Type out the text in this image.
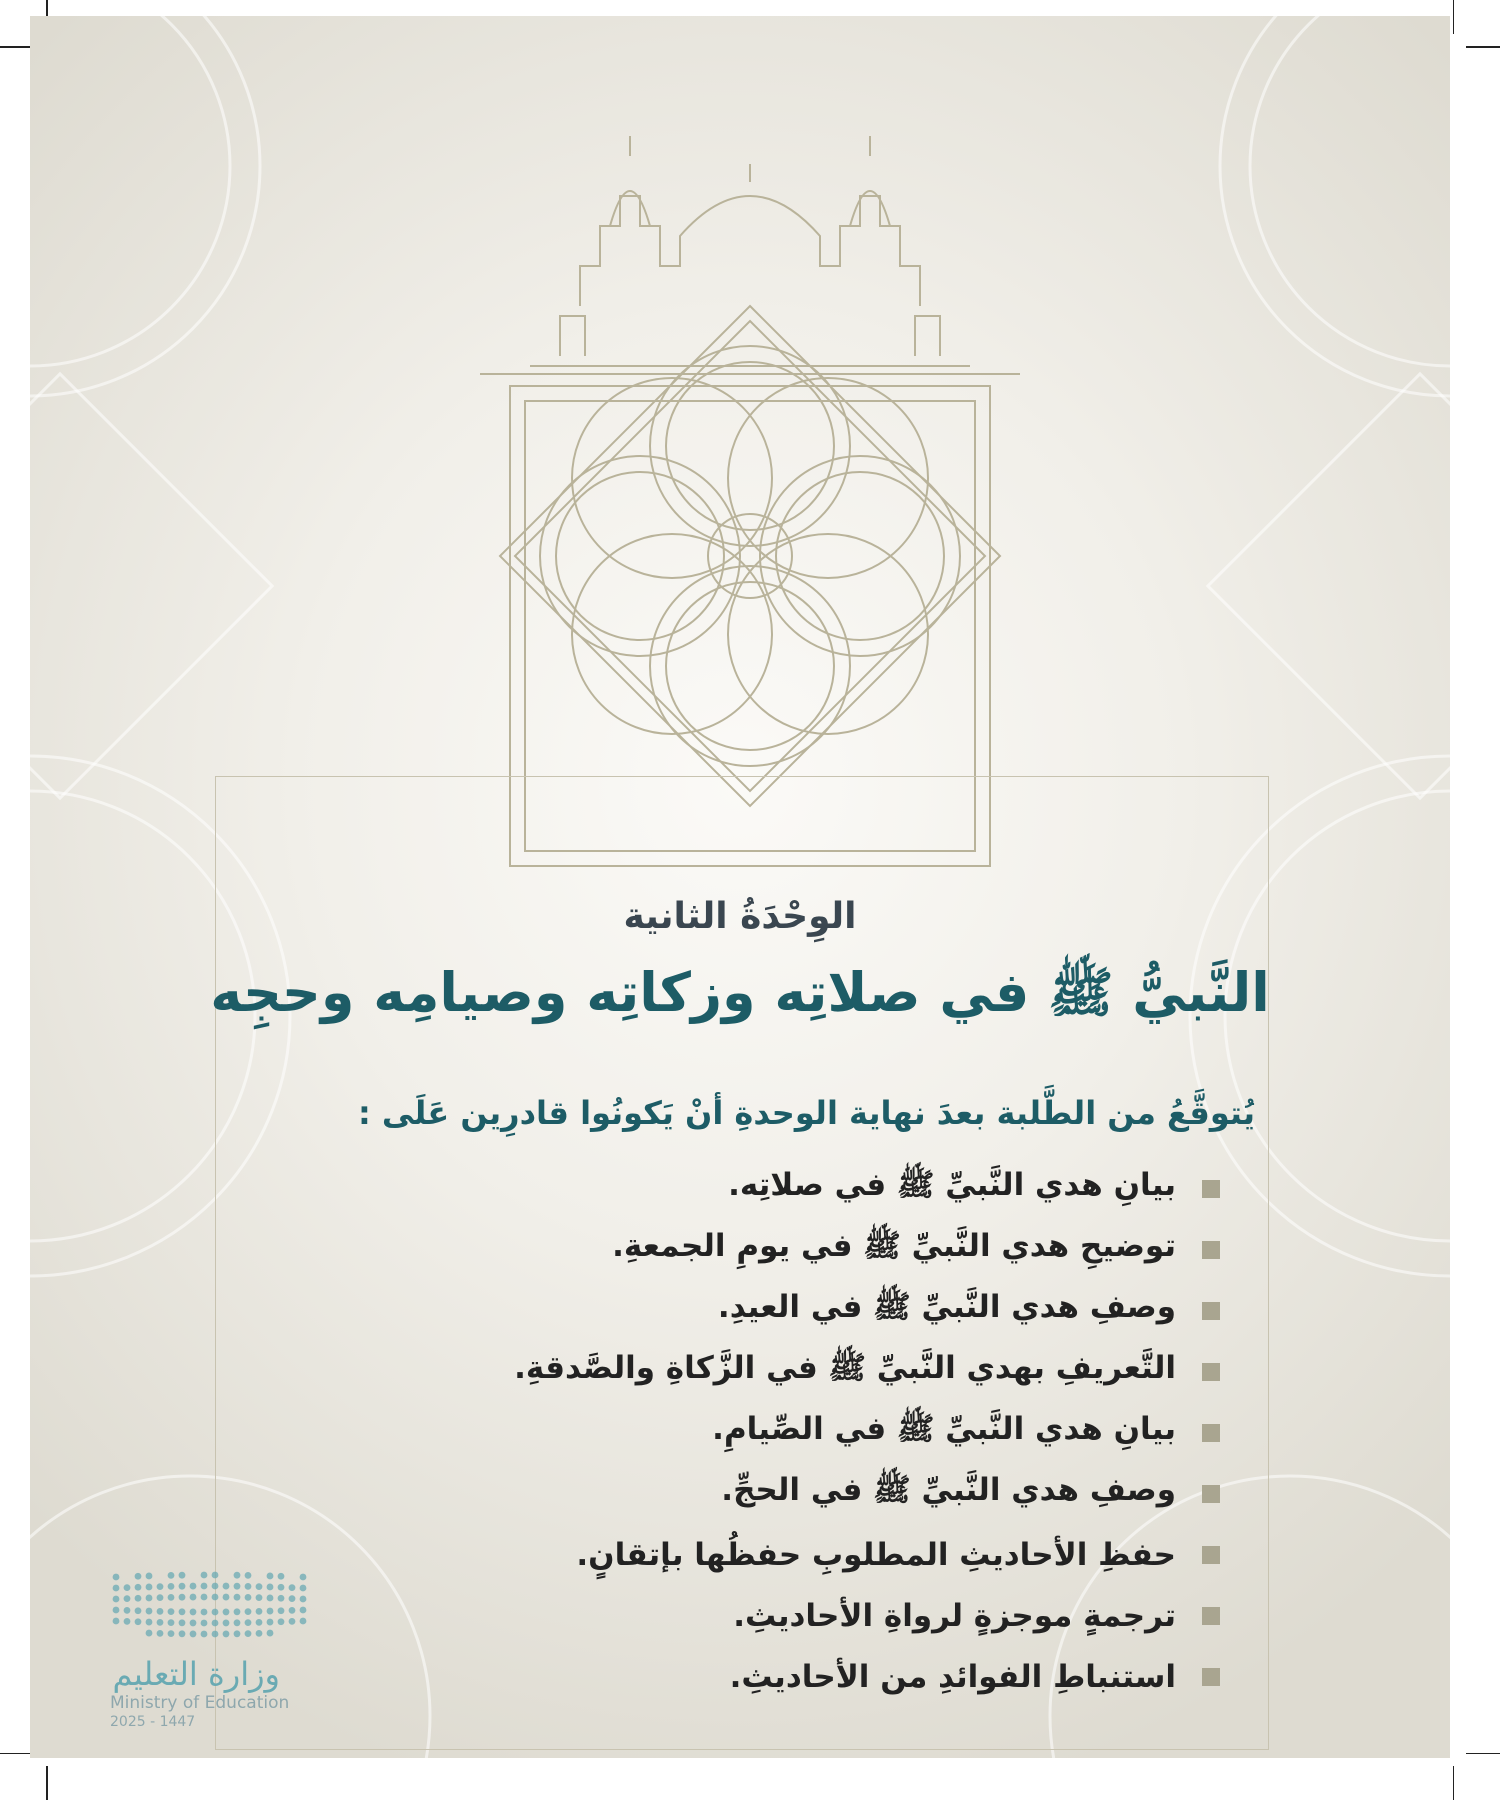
الوِحْدَةُ الثانية
النَّبيُّ ﷺ في صلاتِه وزكاتِه وصيامِه وحجِه
يُتوقَّعُ من الطَّلبة بعدَ نهاية الوحدةِ أنْ يَكونُوا قادرِين عَلَى :
بيانِ هدي النَّبيِّ ﷺ في صلاتِه.
توضيحِ هدي النَّبيِّ ﷺ في يومِ الجمعةِ.
وصفِ هدي النَّبيِّ ﷺ في العيدِ.
التَّعريفِ بهدي النَّبيِّ ﷺ في الزَّكاةِ والصَّدقةِ.
بيانِ هدي النَّبيِّ ﷺ في الصِّيامِ.
وصفِ هدي النَّبيِّ ﷺ في الحجِّ.
حفظِ الأحاديثِ المطلوبِ حفظُها بإتقانٍ.
ترجمةٍ موجزةٍ لرواةِ الأحاديثِ.
استنباطِ الفوائدِ من الأحاديثِ.
وزارة التعليم
Ministry of Education
2025 - 1447
